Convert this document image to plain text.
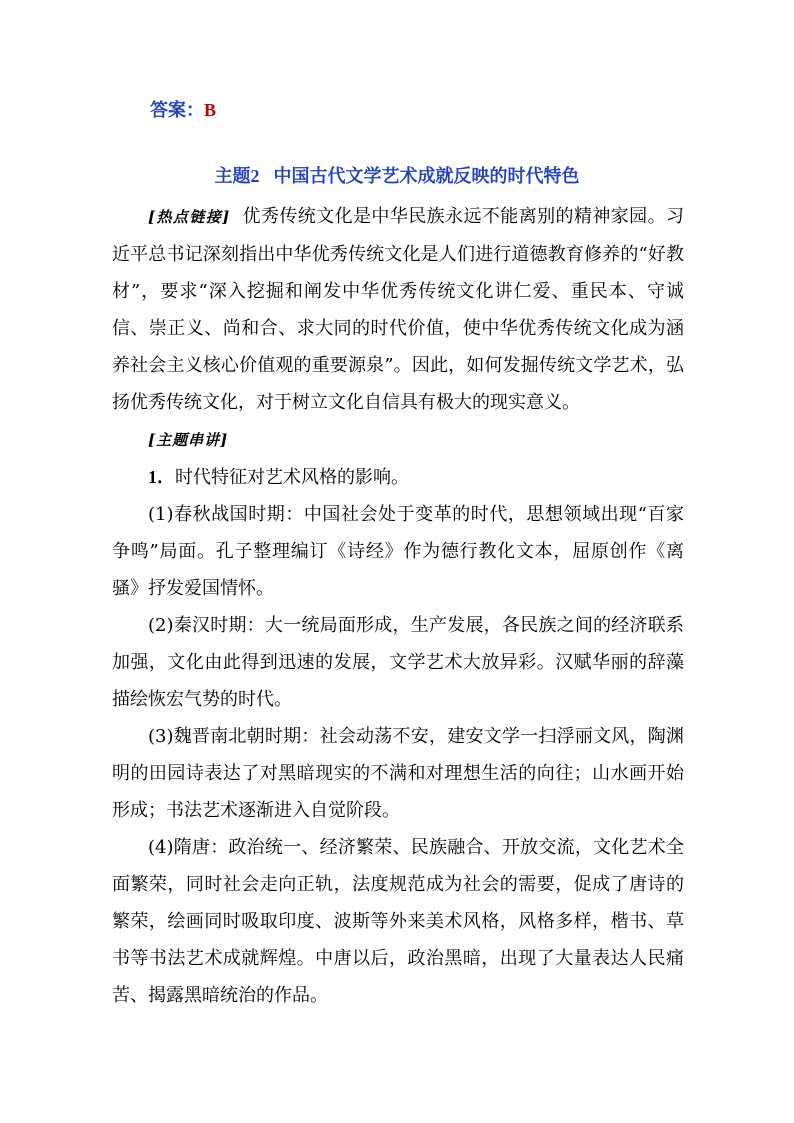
答案：B
主题2 中国古代文学艺术成就反映的时代特色

[热点链接] 优秀传统文化是中华民族永远不能离别的精神家园。习近平总书记深刻指出中华优秀传统文化是人们进行道德教育修养的“好教材”，要求“深入挖掘和阐发中华优秀传统文化讲仁爱、重民本、守诚信、崇正义、尚和合、求大同的时代价值，使中华优秀传统文化成为涵养社会主义核心价值观的重要源泉”。因此，如何发掘传统文学艺术，弘扬优秀传统文化，对于树立文化自信具有极大的现实意义。

[主题串讲]

1．时代特征对艺术风格的影响。

(1)春秋战国时期：中国社会处于变革的时代，思想领域出现“百家争鸣”局面。孔子整理编订《诗经》作为德行教化文本，屈原创作《离骚》抒发爱国情怀。

(2)秦汉时期：大一统局面形成，生产发展，各民族之间的经济联系加强，文化由此得到迅速的发展，文学艺术大放异彩。汉赋华丽的辞藻描绘恢宏气势的时代。

(3)魏晋南北朝时期：社会动荡不安，建安文学一扫浮丽文风，陶渊明的田园诗表达了对黑暗现实的不满和对理想生活的向往；山水画开始形成；书法艺术逐渐进入自觉阶段。

(4)隋唐：政治统一、经济繁荣、民族融合、开放交流，文化艺术全面繁荣，同时社会走向正轨，法度规范成为社会的需要，促成了唐诗的繁荣，绘画同时吸取印度、波斯等外来美术风格，风格多样，楷书、草书等书法艺术成就辉煌。中唐以后，政治黑暗，出现了大量表达人民痛苦、揭露黑暗统治的作品。
